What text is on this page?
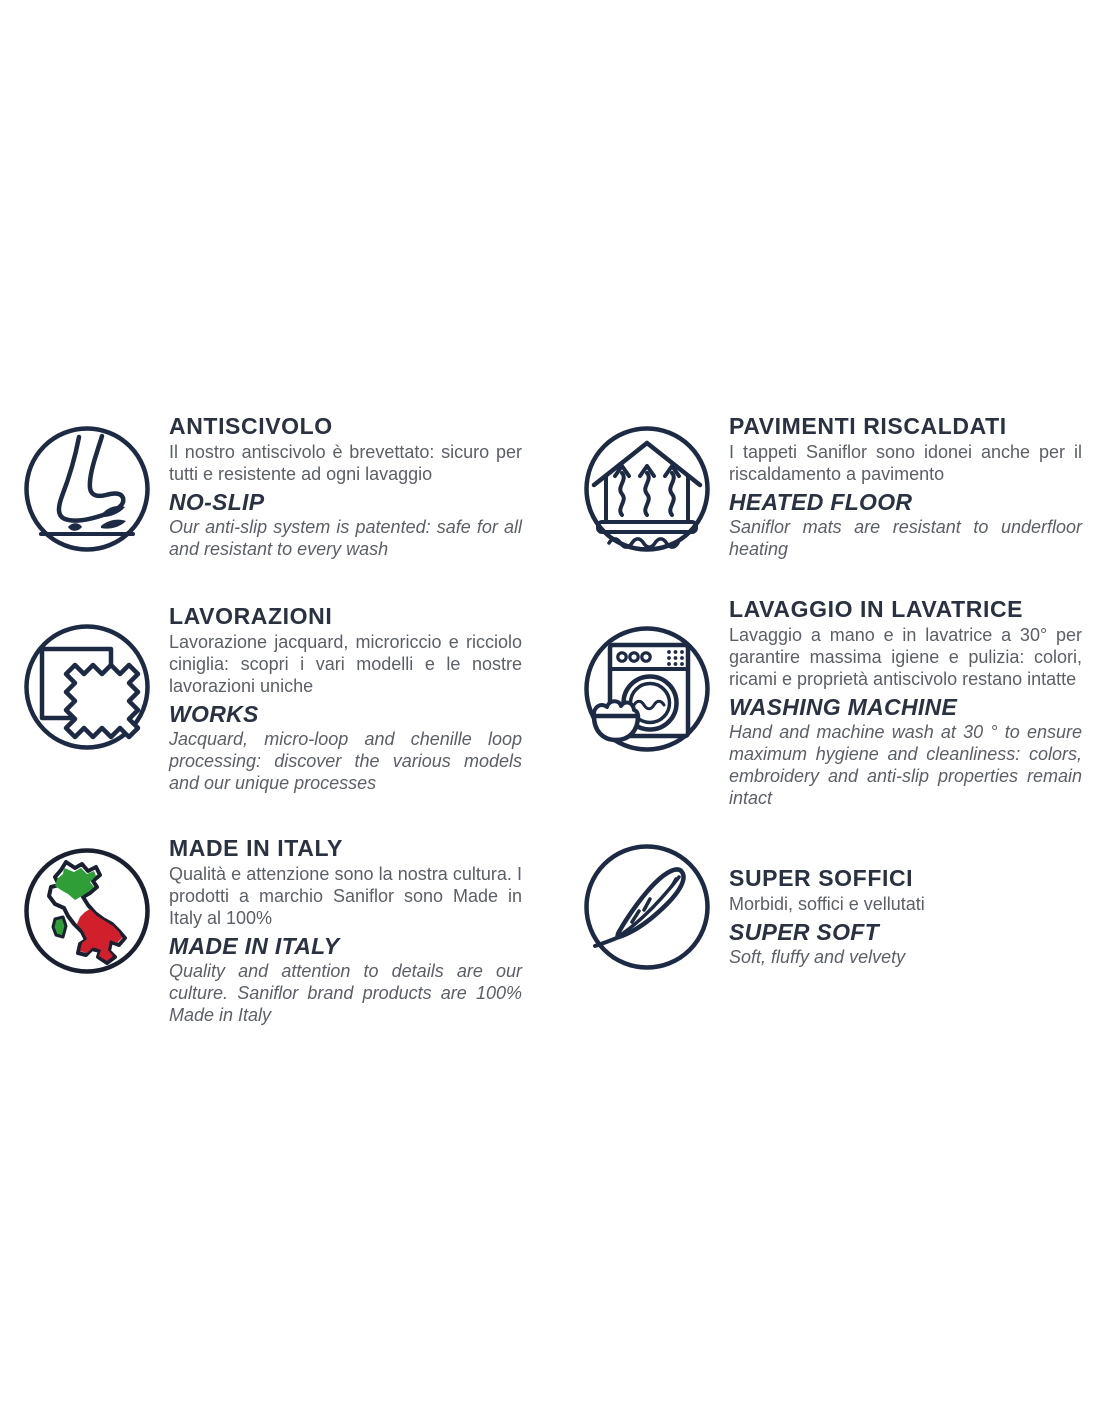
ANTISCIVOLO

Il nostro antiscivolo è brevettato: sicuro per tutti e resistente ad ogni lavaggio

NO-SLIP

Our anti-slip system is patented: safe for all and resistant to every wash

PAVIMENTI RISCALDATI

I tappeti Saniflor sono idonei anche per il riscaldamento a pavimento

HEATED FLOOR

Saniflor mats are resistant to underfloor heating

LAVORAZIONI

Lavorazione jacquard, microriccio e ricciolo ciniglia: scopri i vari modelli e le nostre lavorazioni uniche

WORKS

Jacquard, micro-loop and chenille loop processing: discover the various models and our unique processes

LAVAGGIO IN LAVATRICE

Lavaggio a mano e in lavatrice a 30° per garantire massima igiene e pulizia: colori, ricami e proprietà antiscivolo restano intatte

WASHING MACHINE

Hand and machine wash at 30 ° to ensure maximum hygiene and cleanliness: colors, embroidery and anti-slip properties remain intact

MADE IN ITALY

Qualità e attenzione sono la nostra cultura. I prodotti a marchio Saniflor sono Made in Italy al 100%

MADE IN ITALY

Quality and attention to details are our culture. Saniflor brand products are 100% Made in Italy

SUPER SOFFICI

Morbidi, soffici e vellutati

SUPER SOFT

Soft, fluffy and velvety
